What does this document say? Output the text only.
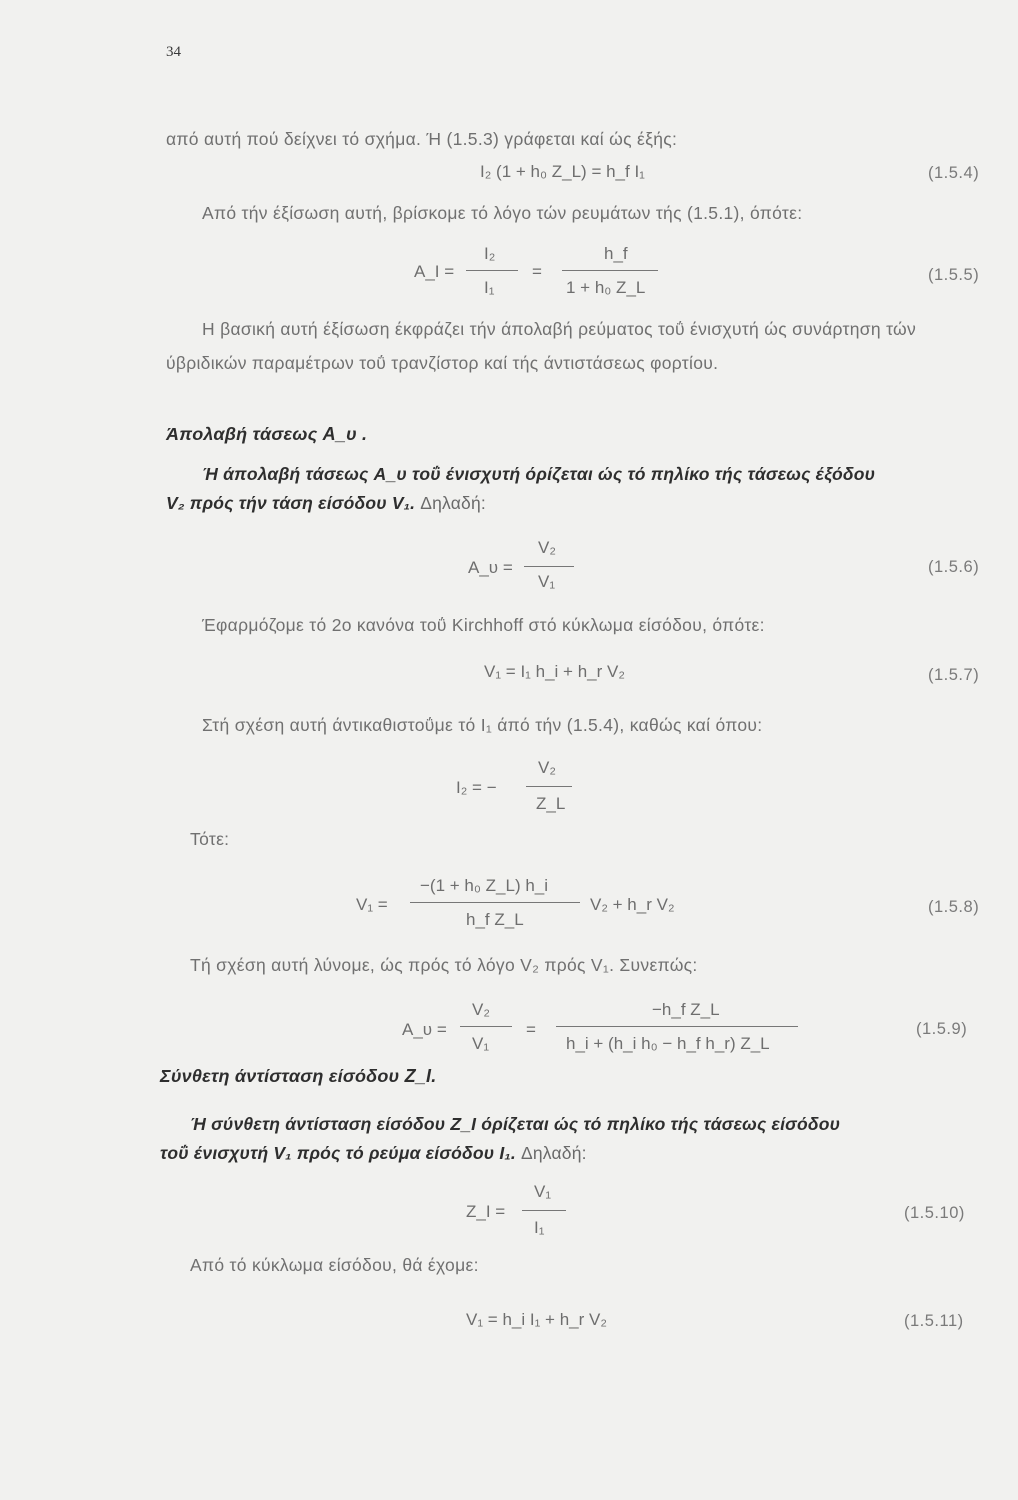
34
από αυτή πού δείχνει τό σχήμα. Ή (1.5.3) γράφεται καί ώς έξής:
I₂ (1 + h₀ Z_L) = h_f I₁	(1.5.4)
Από τήν έξίσωση αυτή, βρίσκομε τό λόγο τών ρευμάτων τής (1.5.1), όπότε:
A_I =
I₂
I₁
=
h_f
1 + h₀ Z_L
(1.5.5)
Η βασική αυτή έξίσωση έκφράζει τήν άπολαβή ρεύματος τοΰ ένισχυτή ώς συνάρτηση τών ύβριδικών παραμέτρων τοΰ τρανζίστορ καί τής άντιστάσεως φορτίου.
Άπολαβή τάσεως A_υ .
Ή άπολαβή τάσεως A_υ τοΰ ένισχυτή όρίζεται ώς τό πηλίκο τής τάσεως έξόδου
V₂ πρός τήν τάση είσόδου V₁. Δηλαδή:
A_υ =
V₂
V₁
(1.5.6)
Έφαρμόζομε τό 2ο κανόνα τοΰ Kirchhoff στό κύκλωμα είσόδου, όπότε:
V₁ = I₁ h_i + h_r V₂	(1.5.7)
Στή σχέση αυτή άντικαθιστοΰμε τό I₁ άπό τήν (1.5.4), καθώς καί όπου:
I₂ = −
V₂
Z_L
Τότε:
V₁ =
−(1 + h₀ Z_L) h_i
h_f Z_L
V₂ + h_r V₂	(1.5.8)
Τή σχέση αυτή λύνομε, ώς πρός τό λόγο V₂ πρός V₁. Συνεπώς:
A_υ =
V₂
V₁
=
−h_f Z_L
h_i + (h_i h₀ − h_f h_r) Z_L
(1.5.9)
Σύνθετη άντίσταση είσόδου Z_I.
Ή σύνθετη άντίσταση είσόδου Z_I όρίζεται ώς τό πηλίκο τής τάσεως είσόδου
τοΰ ένισχυτή V₁ πρός τό ρεύμα είσόδου I₁. Δηλαδή:
Z_I =
V₁
I₁
(1.5.10)
Από τό κύκλωμα είσόδου, θά έχομε:
V₁ = h_i I₁ + h_r V₂	(1.5.11)
